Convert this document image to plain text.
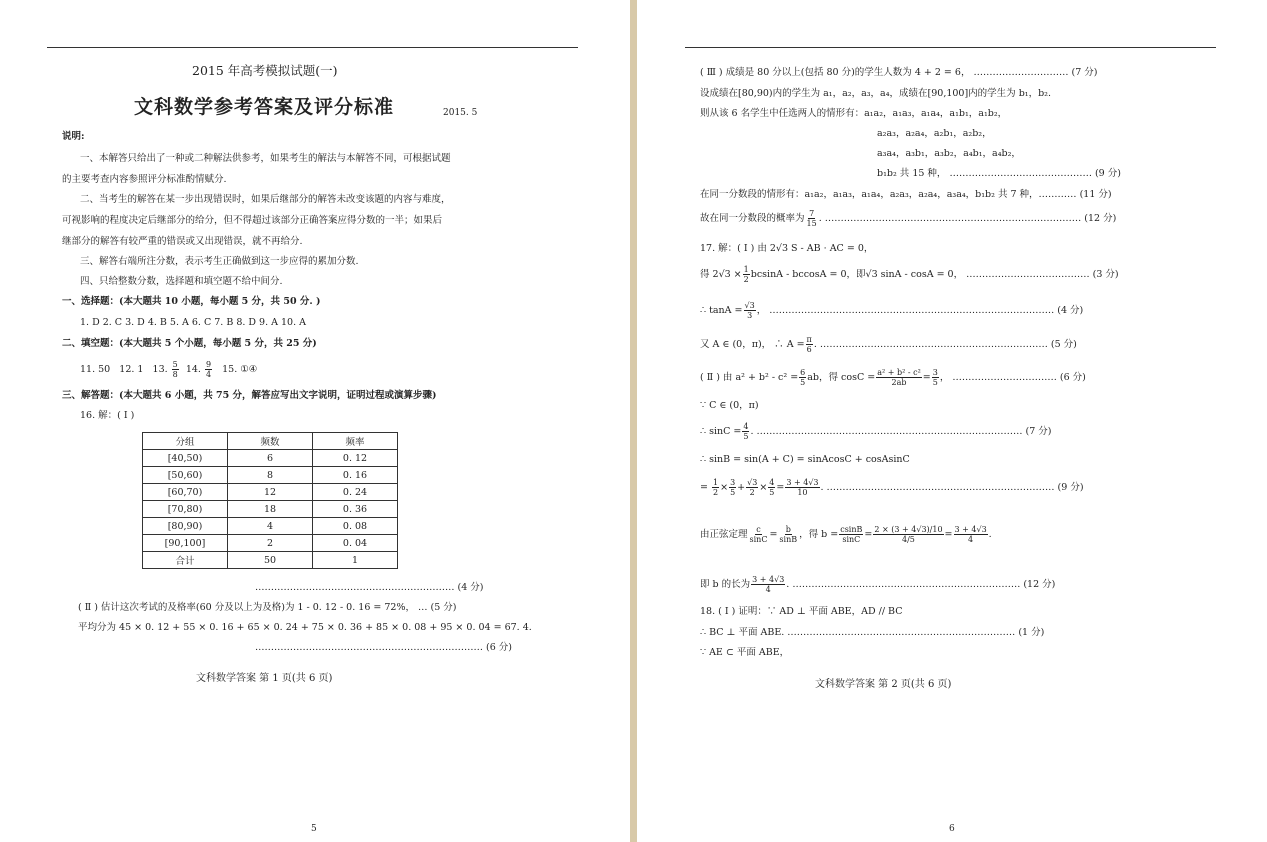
2015 年高考模拟试题(一)
文科数学参考答案及评分标准	2015. 5
说明:
一、本解答只给出了一种或二种解法供参考，如果考生的解法与本解答不同，可根据试题
的主要考查内容参照评分标准酌情赋分.
二、当考生的解答在某一步出现错误时，如果后继部分的解答未改变该题的内容与难度，
可视影响的程度决定后继部分的给分，但不得超过该部分正确答案应得分数的一半；如果后
继部分的解答有较严重的错误或又出现错误，就不再给分.
三、解答右端所注分数，表示考生正确做到这一步应得的累加分数.
四、只给整数分数，选择题和填空题不给中间分.
一、选择题：(本大题共 10 小题，每小题 5 分，共 50 分. )
1. D 2. C 3. D 4. B 5. A 6. C 7. B 8. D 9. A 10. A
二、填空题：(本大题共 5 个小题，每小题 5 分，共 25 分)
11. 50 12. 1 13. $\frac{5}{8} 14$. $\frac{9}{4} 15$. ①④
三、解答题：(本大题共 6 小题，共 75 分，解答应写出文字说明，证明过程或演算步骤)
16. 解：( Ⅰ )
分组	频数	频率
[40,50)	6	0. 12
[50,60)	8	0. 16
[60,70)	12	0. 24
[70,80)	18	0. 36
[80,90)	4	0. 08
[90,100]	2	0. 04
合计	50	1
……………………………………………………… (4 分)
( Ⅱ ) 估计这次考试的及格率(60 分及以上为及格)为 1 - 0. 12 - 0. 16 = 72%， … (5 分)
平均分为 45 × 0. 12 + 55 × 0. 16 + 65 × 0. 24 + 75 × 0. 36 + 85 × 0. 08 + 95 × 0. 04 = 67. 4.
……………………………………………………………… (6 分)
文科数学答案 第 1 页(共 6 页)
5
( Ⅲ ) 成绩是 80 分以上(包括 80 分)的学生人数为 4 + 2 = 6， ………………………… (7 分)
设成绩在[80,90)内的学生为 a₁，a₂，a₃，a₄，成绩在[90,100]内的学生为 b₁，b₂.
则从该 6 名学生中任选两人的情形有：a₁a₂，a₁a₃，a₁a₄，a₁b₁，a₁b₂，
a₂a₃，a₂a₄，a₂b₁，a₂b₂，
a₃a₄，a₃b₁，a₃b₂，a₄b₁，a₄b₂，
b₁b₂ 共 15 种， ……………………………………… (9 分)
在同一分数段的情形有：a₁a₂，a₁a₃，a₁a₄，a₂a₃，a₂a₄，a₃a₄，b₁b₂ 共 7 种，………… (11 分)
故在同一分数段的概率为 $\frac{7}{15}$ . ……………………………………………………………………… (12 分)
17. 解：( Ⅰ ) 由 2√3 S - AB · AC = 0，
得 $2√3 \times \frac{1}{2}$ bcsinA - bccosA = 0，即√3 sinA - cosA = 0， ………………………………… (3 分)
∴ $\tan A = \frac{√3}{3}$ ， ……………………………………………………………………………… (4 分)
又 A ∈ (0，π)， ∴ $A = \frac{\pi}{6}$ . ……………………………………………………………… (5 分)
( Ⅱ ) 由 $a^2 + b^2 - c^2 = \frac{6}{5}$ ab，得 $\cos C = \frac{\text{a² + b² - c²}}{2ab} = \frac{3}{5}$ ， …………………………… (6 分)
∵ C ∈ (0，π)
∴ $\sin C = \frac{4}{5}$ . ………………………………………………………………………… (7 分)
∴ sinB = sin(A + C) = sinAcosC + cosAsinC
= $\frac{1}{2} \times \frac{3}{5} + \frac{√3}{2} \times \frac{4}{5} = \frac{3 + 4√3}{10}$ . ……………………………………………………………… (9 分)
由正弦定理 $\frac{c}{\sin C} = \frac{b}{\sin B}$ ，得 $b = \frac{csinB}{\sin C} = \frac{2 \times (3 + 4√3)/10}{4/5} = \frac{3 + 4√3}{4}$ .
即 b 的长为 $\frac{3 + 4√3}{4}$ . ……………………………………………………………… (12 分)
18. ( Ⅰ ) 证明：∵ AD ⊥ 平面 ABE，AD // BC
∴ BC ⊥ 平面 ABE. ……………………………………………………………… (1 分)
∵ AE ⊂ 平面 ABE，
文科数学答案 第 2 页(共 6 页)
6
